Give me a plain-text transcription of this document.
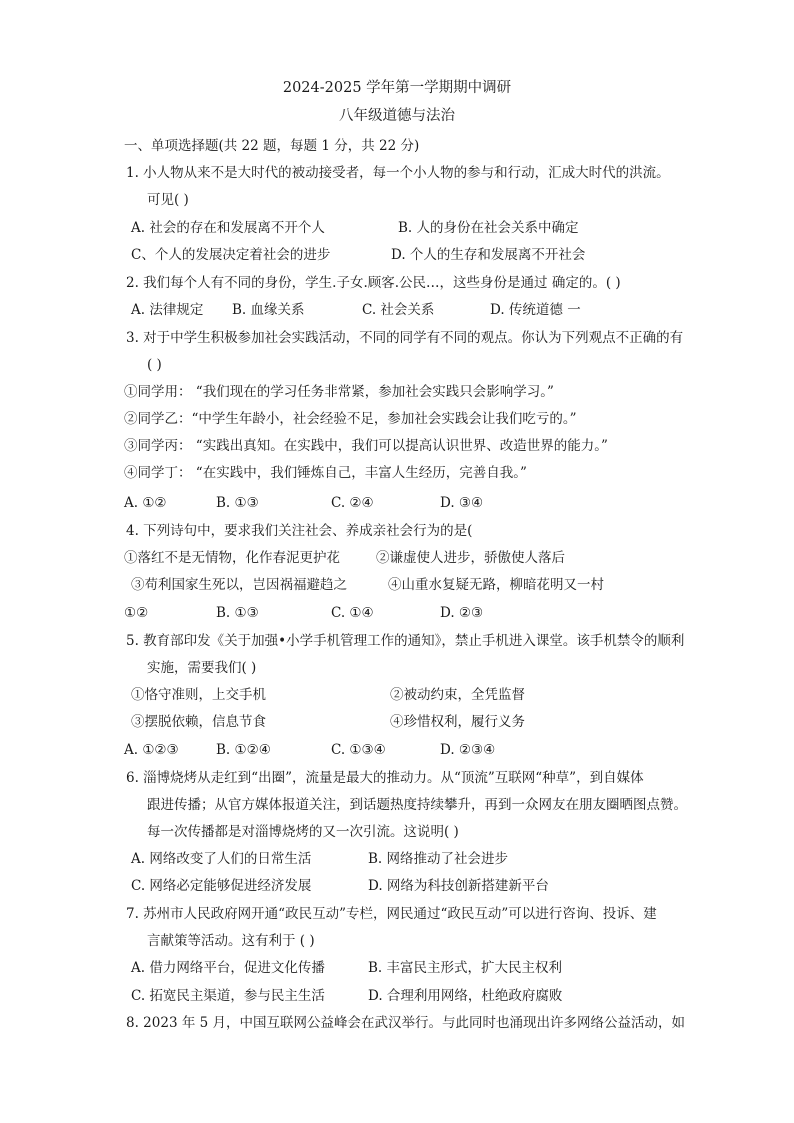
2024-2025 学年第一学期期中调研
八年级道德与法治
一、单项选择题(共 22 题，每题 1 分，共 22 分)
1. 小人物从来不是大时代的被动接受者，每一个小人物的参与和行动，汇成大时代的洪流。
可见( )
A. 社会的存在和发展离不开个人	B. 人的身份在社会关系中确定
C、个人的发展决定着社会的进步	D. 个人的生存和发展离不开社会
2. 我们每个人有不同的身份，学生.子女.顾客.公民…，这些身份是通过 确定的。( )
A. 法律规定 B. 血缘关系	C. 社会关系	D. 传统道德 一
3. 对于中学生积极参加社会实践活动，不同的同学有不同的观点。你认为下列观点不正确的有
( )
①同学用： “我们现在的学习任务非常紧，参加社会实践只会影响学习。”
②同学乙：“中学生年龄小，社会经验不足，参加社会实践会让我们吃亏的。”
③同学丙： “实践出真知。在实践中，我们可以提高认识世界、改造世界的能力。”
④同学丁： “在实践中，我们锤炼自己，丰富人生经历，完善自我。”
A. ①②	B. ①③	C. ②④	D. ③④
4. 下列诗句中，要求我们关注社会、养成亲社会行为的是(
①落红不是无情物，化作春泥更护花	②谦虚使人进步，骄傲使人落后
③苟利国家生死以，岂因祸福避趋之	④山重水复疑无路，柳暗花明又一村
①②	B. ①③	C. ①④	D. ②③
5. 教育部印发《关于加强•小学手机管理工作的通知》，禁止手机进入课堂。该手机禁令的顺利
实施，需要我们( )
①恪守准则，上交手机	②被动约束，全凭监督
③摆脱依赖，信息节食	④珍惜权利，履行义务
A. ①②③	B. ①②④	C. ①③④	D. ②③④
6. 淄博烧烤从走红到“出圈”，流量是最大的推动力。从“顶流”互联网“种草”，到自媒体
跟进传播；从官方媒体报道关注，到话题热度持续攀升，再到一众网友在朋友圈晒图点赞。
每一次传播都是对淄博烧烤的又一次引流。这说明( )
A. 网络改变了人们的日常生活	B. 网络推动了社会进步
C. 网络必定能够促进经济发展	D. 网络为科技创新搭建新平台
7. 苏州市人民政府网开通“政民互动”专栏，网民通过“政民互动”可以进行咨询、投诉、建
言献策等活动。这有利于 ( )
A. 借力网络平台，促进文化传播	B. 丰富民主形式，扩大民主权利
C. 拓宽民主渠道，参与民主生活	D. 合理利用网络，杜绝政府腐败
8. 2023 年 5 月，中国互联网公益峰会在武汉举行。与此同时也涌现出许多网络公益活动，如
